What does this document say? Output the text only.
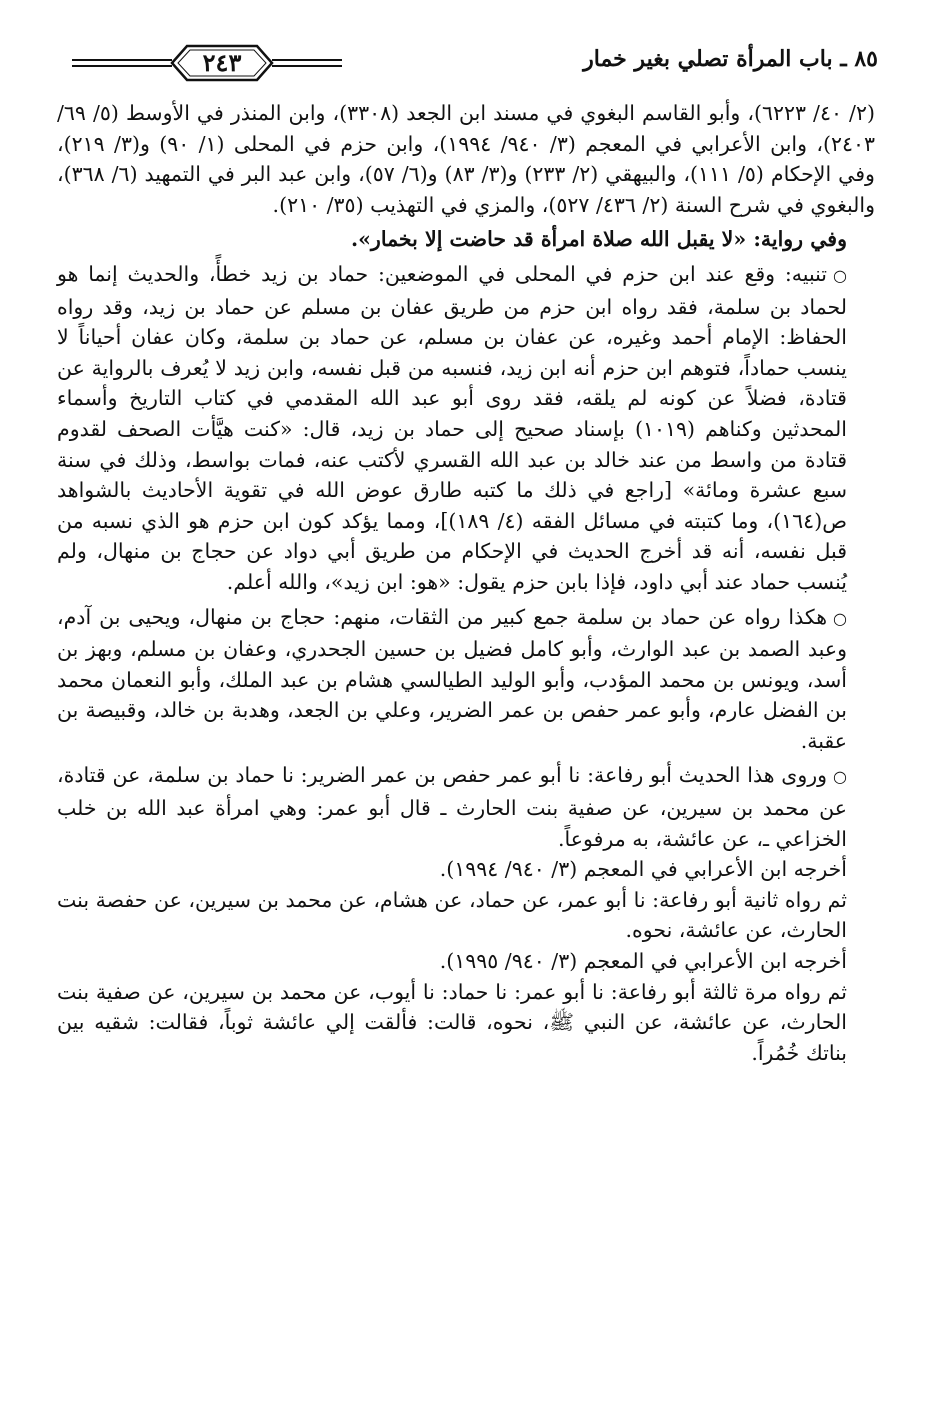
٨٥ ـ باب المرأة تصلي بغير خمار
٢٤٣

(٢/ ٤٠/ ٦٢٢٣)، وأبو القاسم البغوي في مسند ابن الجعد (٣٣٠٨)، وابن المنذر في الأوسط (٥/ ٦٩/ ٢٤٠٣)، وابن الأعرابي في المعجم (٣/ ٩٤٠/ ١٩٩٤)، وابن حزم في المحلى (١/ ٩٠) و(٣/ ٢١٩)، وفي الإحكام (٥/ ١١١)، والبيهقي (٢/ ٢٣٣) و(٣/ ٨٣) و(٦/ ٥٧)، وابن عبد البر في التمهيد (٦/ ٣٦٨)، والبغوي في شرح السنة (٢/ ٤٣٦/ ٥٢٧)، والمزي في التهذيب (٣٥/ ٢١٠).

وفي رواية: «لا يقبل الله صلاة امرأة قد حاضت إلا بخمار».

○تنبيه: وقع عند ابن حزم في المحلى في الموضعين: حماد بن زيد خطأً، والحديث إنما هو لحماد بن سلمة، فقد رواه ابن حزم من طريق عفان بن مسلم عن حماد بن زيد، وقد رواه الحفاظ: الإمام أحمد وغيره، عن عفان بن مسلم، عن حماد بن سلمة، وكان عفان أحياناً لا ينسب حماداً، فتوهم ابن حزم أنه ابن زيد، فنسبه من قبل نفسه، وابن زيد لا يُعرف بالرواية عن قتادة، فضلاً عن كونه لم يلقه، فقد روى أبو عبد الله المقدمي في كتاب التاريخ وأسماء المحدثين وكناهم (١٠١٩) بإسناد صحيح إلى حماد بن زيد، قال: «كنت هيَّأت الصحف لقدوم قتادة من واسط من عند خالد بن عبد الله القسري لأكتب عنه، فمات بواسط، وذلك في سنة سبع عشرة ومائة» [راجع في ذلك ما كتبه طارق عوض الله في تقوية الأحاديث بالشواهد ص(١٦٤)، وما كتبته في مسائل الفقه (٤/ ١٨٩)]، ومما يؤكد كون ابن حزم هو الذي نسبه من قبل نفسه، أنه قد أخرج الحديث في الإحكام من طريق أبي دواد عن حجاج بن منهال، ولم يُنسب حماد عند أبي داود، فإذا بابن حزم يقول: «هو: ابن زيد»، والله أعلم.

○هكذا رواه عن حماد بن سلمة جمع كبير من الثقات، منهم: حجاج بن منهال، ويحيى بن آدم، وعبد الصمد بن عبد الوارث، وأبو كامل فضيل بن حسين الجحدري، وعفان بن مسلم، وبهز بن أسد، ويونس بن محمد المؤدب، وأبو الوليد الطيالسي هشام بن عبد الملك، وأبو النعمان محمد بن الفضل عارم، وأبو عمر حفص بن عمر الضرير، وعلي بن الجعد، وهدبة بن خالد، وقبيصة بن عقبة.

○وروى هذا الحديث أبو رفاعة: نا أبو عمر حفص بن عمر الضرير: نا حماد بن سلمة، عن قتادة، عن محمد بن سيرين، عن صفية بنت الحارث ـ قال أبو عمر: وهي امرأة عبد الله بن خلب الخزاعي ـ، عن عائشة، به مرفوعاً.

أخرجه ابن الأعرابي في المعجم (٣/ ٩٤٠/ ١٩٩٤).

ثم رواه ثانية أبو رفاعة: نا أبو عمر، عن حماد، عن هشام، عن محمد بن سيرين، عن حفصة بنت الحارث، عن عائشة، نحوه.

أخرجه ابن الأعرابي في المعجم (٣/ ٩٤٠/ ١٩٩٥).

ثم رواه مرة ثالثة أبو رفاعة: نا أبو عمر: نا حماد: نا أيوب، عن محمد بن سيرين، عن صفية بنت الحارث، عن عائشة، عن النبي ﷺ، نحوه، قالت: فألقت إلي عائشة ثوباً، فقالت: شقيه بين بناتك خُمُراً.
